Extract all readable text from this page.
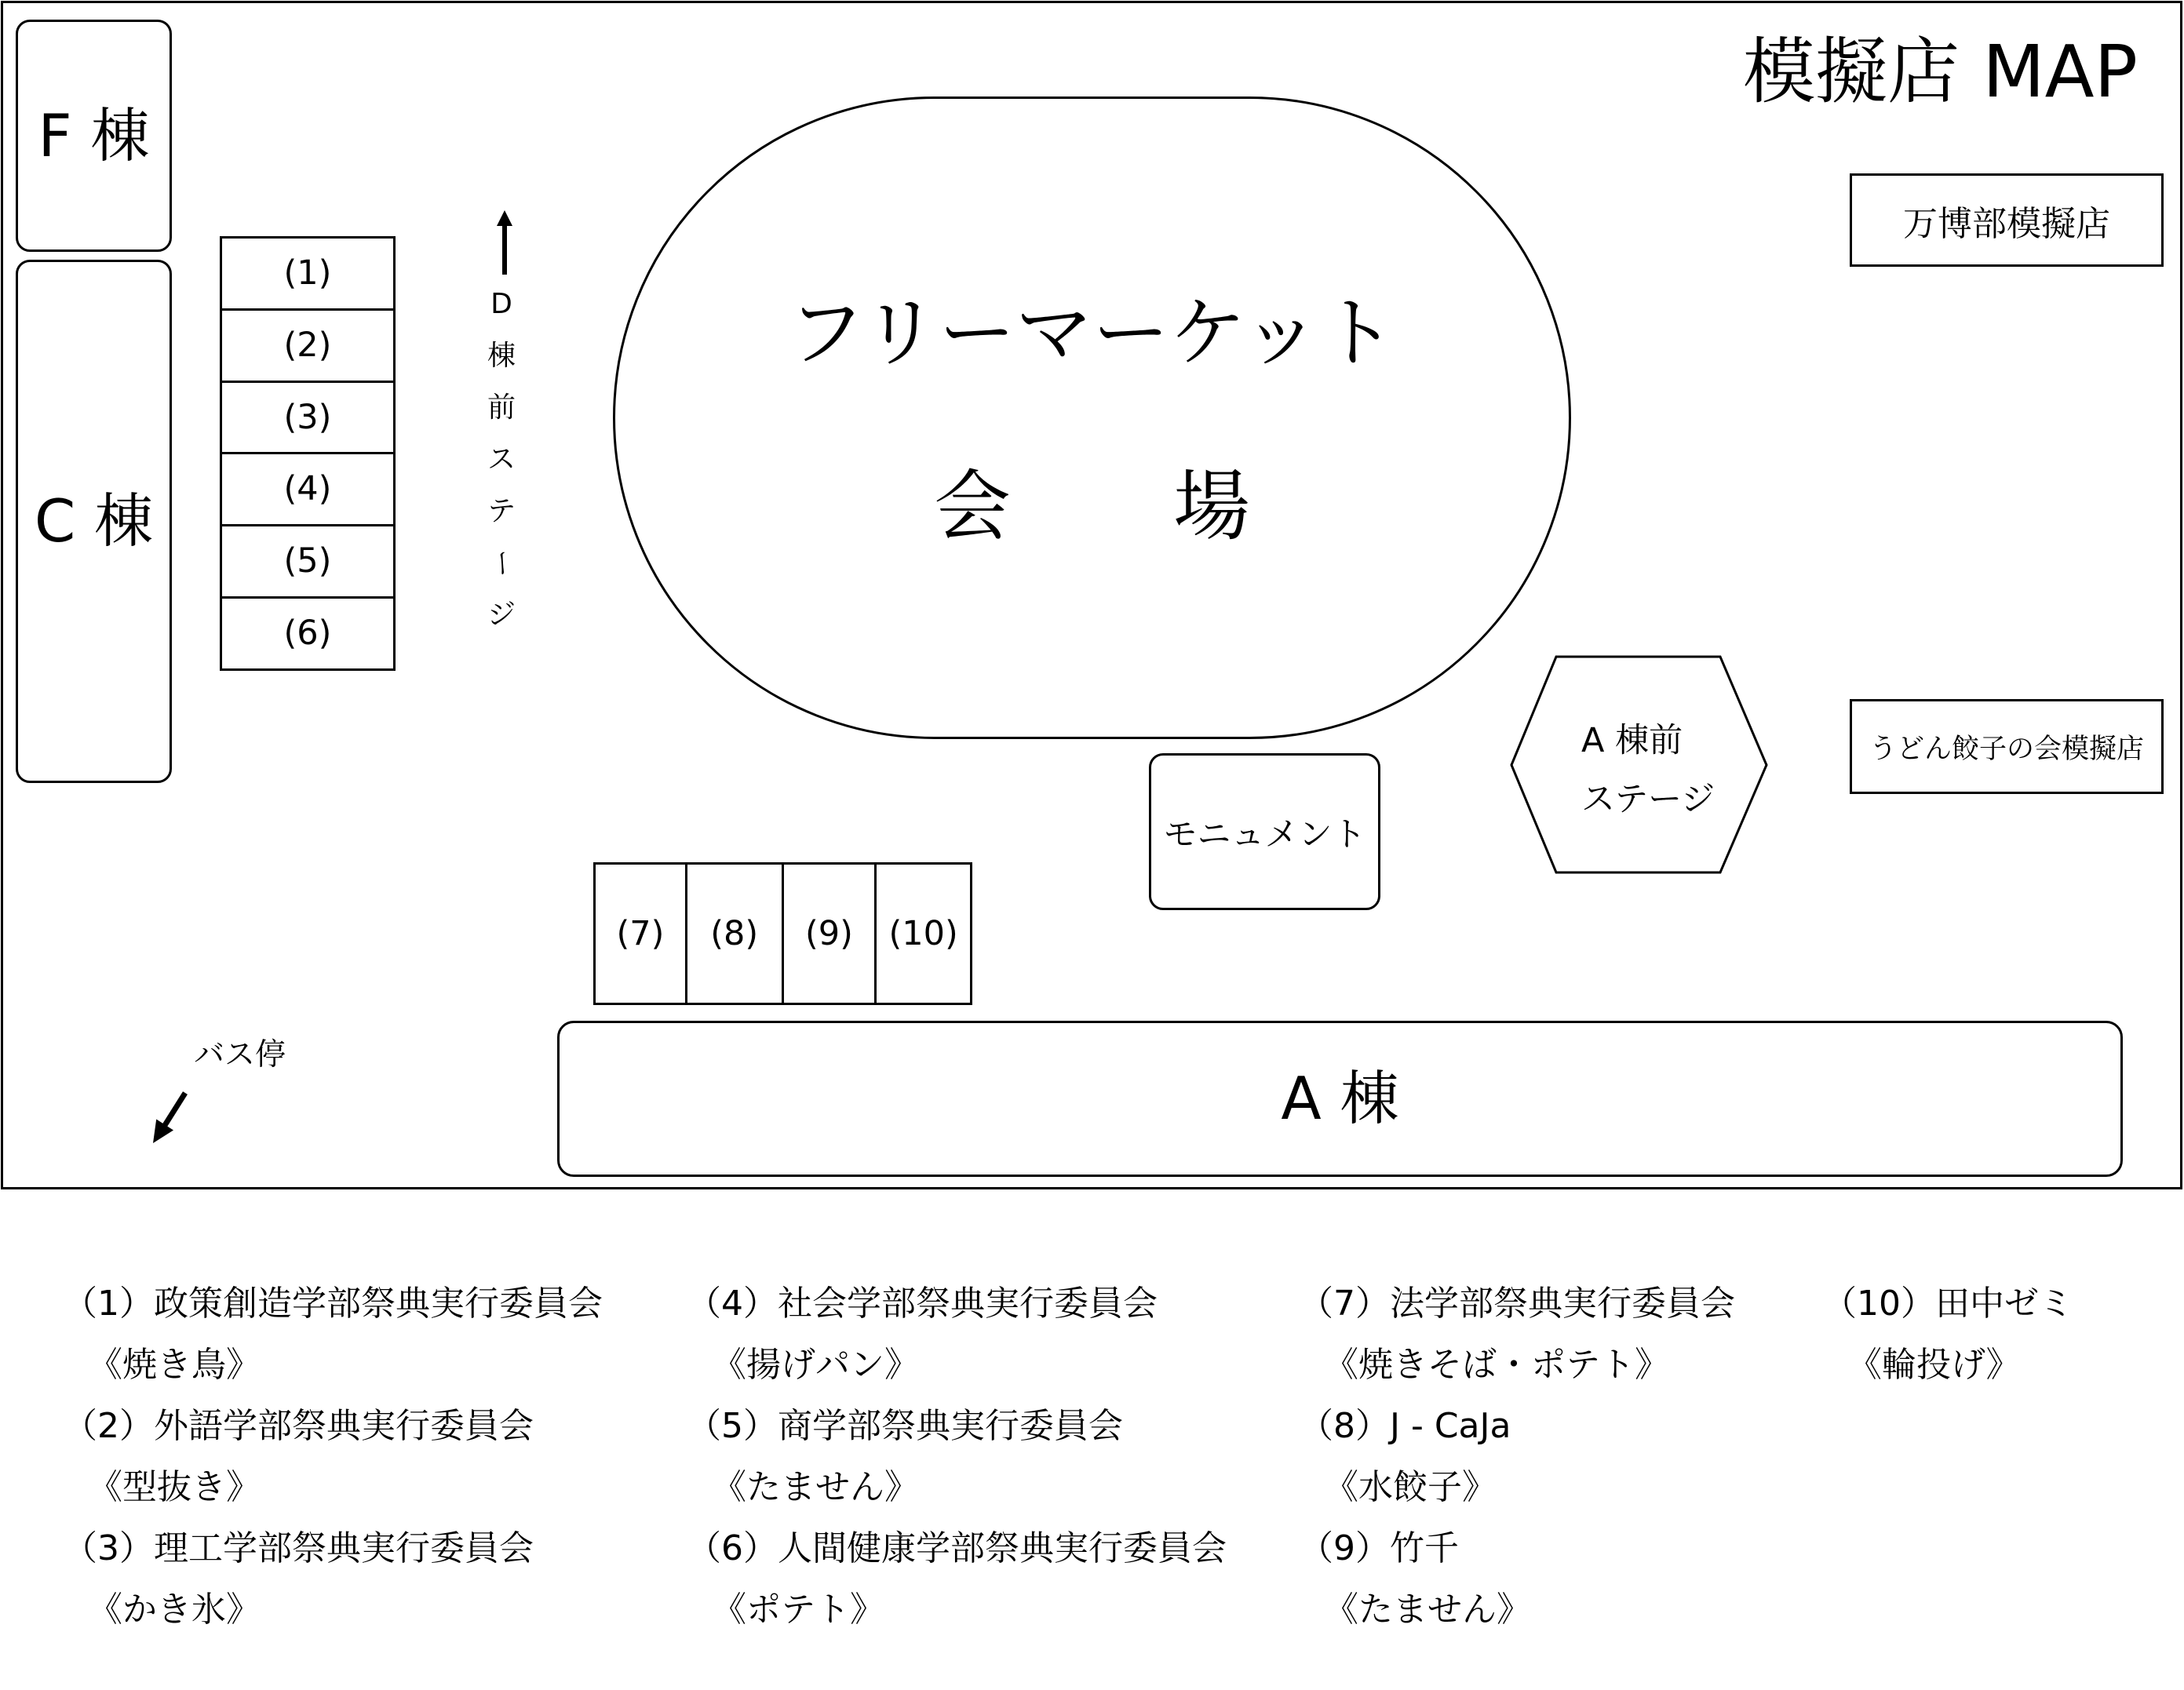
模擬店 MAP
F 棟
C 棟
A 棟
(1)
(2)
(3)
(4)
(5)
(6)
D
棟
前
ス
テ
ー
ジ
フリーマーケット
会 場
万博部模擬店
うどん餃子の会模擬店
A 棟前
ステージ
モニュメント
(7)	(8)	(9)	(10)
バス停
（1）政策創造学部祭典実行委員会
《焼き鳥》
（2）外語学部祭典実行委員会
《型抜き》
（3）理工学部祭典実行委員会
《かき氷》
（4）社会学部祭典実行委員会
《揚げパン》
（5）商学部祭典実行委員会
《たません》
（6）人間健康学部祭典実行委員会
《ポテト》
（7）法学部祭典実行委員会
《焼きそば・ポテト》
（8）J - CaJa
《水餃子》
（9）竹千
《たません》
（10）田中ゼミ
《輪投げ》
